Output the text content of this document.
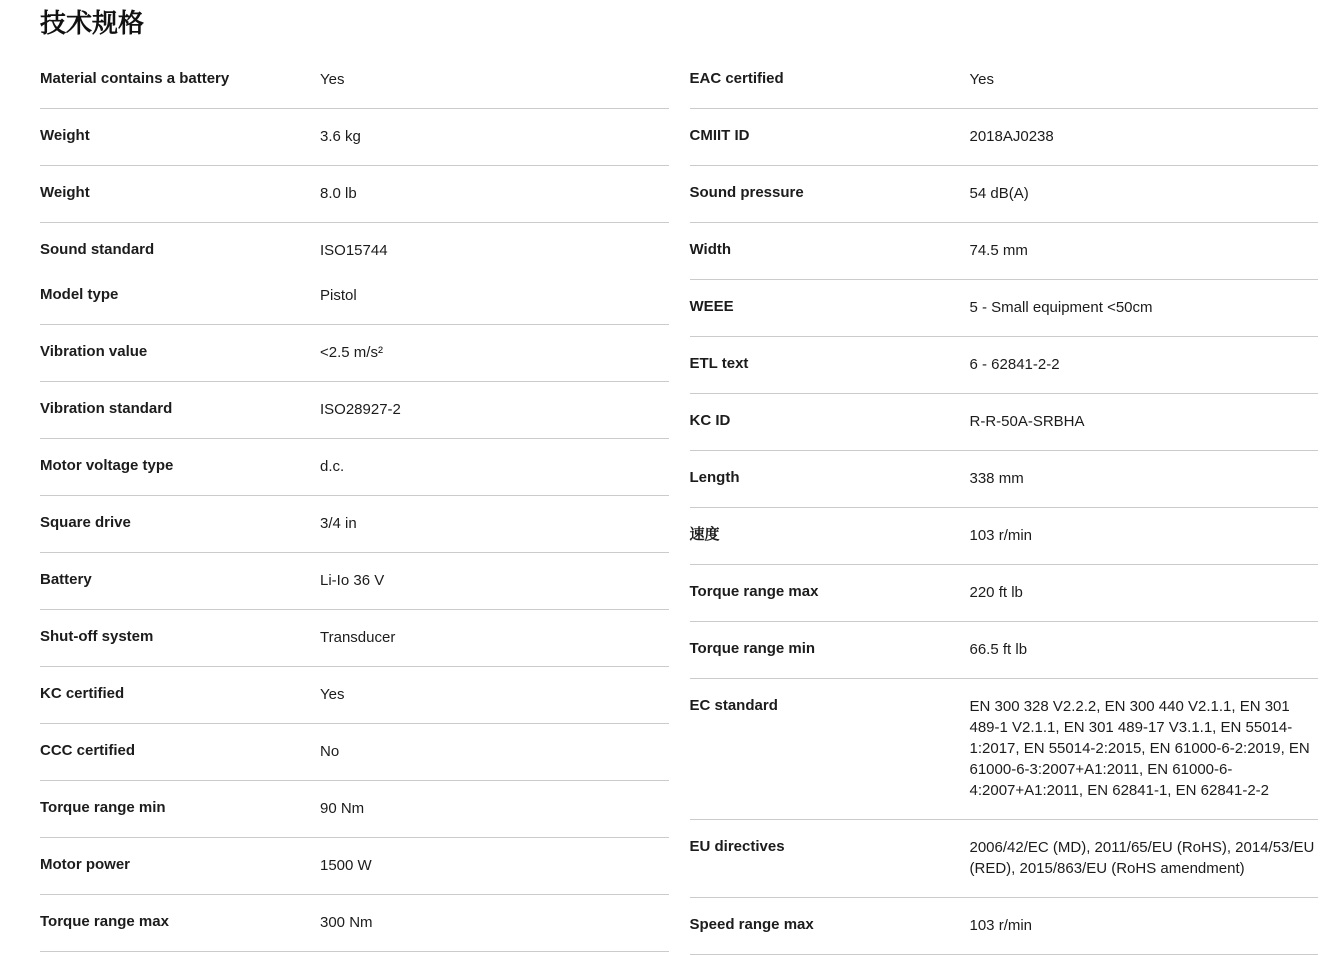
技术规格
Material contains a battery	Yes
Weight	3.6 kg
Weight	8.0 lb
Sound standard	ISO15744
Model type	Pistol
Vibration value	<2.5 m/s²
Vibration standard	ISO28927-2
Motor voltage type	d.c.
Square drive	3/4 in
Battery	Li-Io 36 V
Shut-off system	Transducer
KC certified	Yes
CCC certified	No
Torque range min	90 Nm
Motor power	1500 W
Torque range max	300 Nm
EAC certified	Yes
CMIIT ID	2018AJ0238
Sound pressure	54 dB(A)
Width	74.5 mm
WEEE	5 - Small equipment <50cm
ETL text	6 - 62841-2-2
KC ID	R-R-50A-SRBHA
Length	338 mm
速度	103 r/min
Torque range max	220 ft lb
Torque range min	66.5 ft lb
EC standard	EN 300 328 V2.2.2, EN 300 440 V2.1.1, EN 301 489-1 V2.1.1, EN 301 489-17 V3.1.1, EN 55014-1:2017, EN 55014-2:2015, EN 61000-6-2:2019, EN 61000-6-3:2007+A1:2011, EN 61000-6-4:2007+A1:2011, EN 62841-1, EN 62841-2-2
EU directives	2006/42/EC (MD), 2011/65/EU (RoHS), 2014/53/EU (RED), 2015/863/EU (RoHS amendment)
Speed range max	103 r/min
